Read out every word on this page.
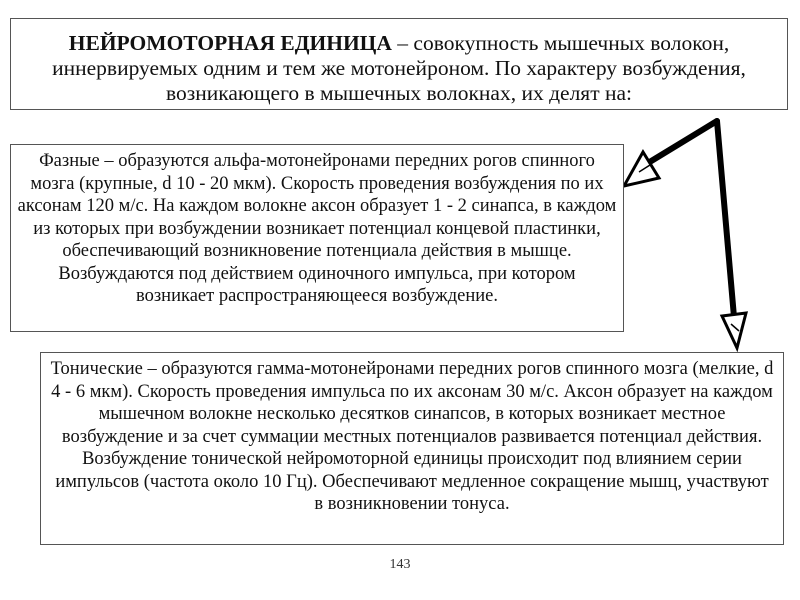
НЕЙРОМОТОРНАЯ ЕДИНИЦА – совокупность мышечных волокон, иннервируемых одним и тем же мотонейроном. По характеру возбуждения, возникающего в мышечных волокнах, их делят на:
Фазные – образуются альфа-мотонейронами передних рогов спинного мозга (крупные, d 10 - 20 мкм). Скорость проведения возбуждения по их аксонам 120 м/с. На каждом волокне аксон образует 1 - 2 синапса, в каждом из которых при возбуждении возникает потенциал концевой пластинки, обеспечивающий возникновение потенциала действия в мышце. Возбуждаются под действием одиночного импульса, при котором возникает распространяющееся возбуждение.
Тонические – образуются гамма-мотонейронами передних рогов спинного мозга (мелкие, d 4 - 6 мкм). Скорость проведения импульса по их аксонам 30 м/с. Аксон образует на каждом мышечном волокне несколько десятков синапсов, в которых возникает местное возбуждение и за счет суммации местных потенциалов развивается потенциал действия. Возбуждение тонической нейромоторной единицы происходит под влиянием серии импульсов (частота около 10 Гц). Обеспечивают медленное сокращение мышц, участвуют в возникновении тонуса.
143
